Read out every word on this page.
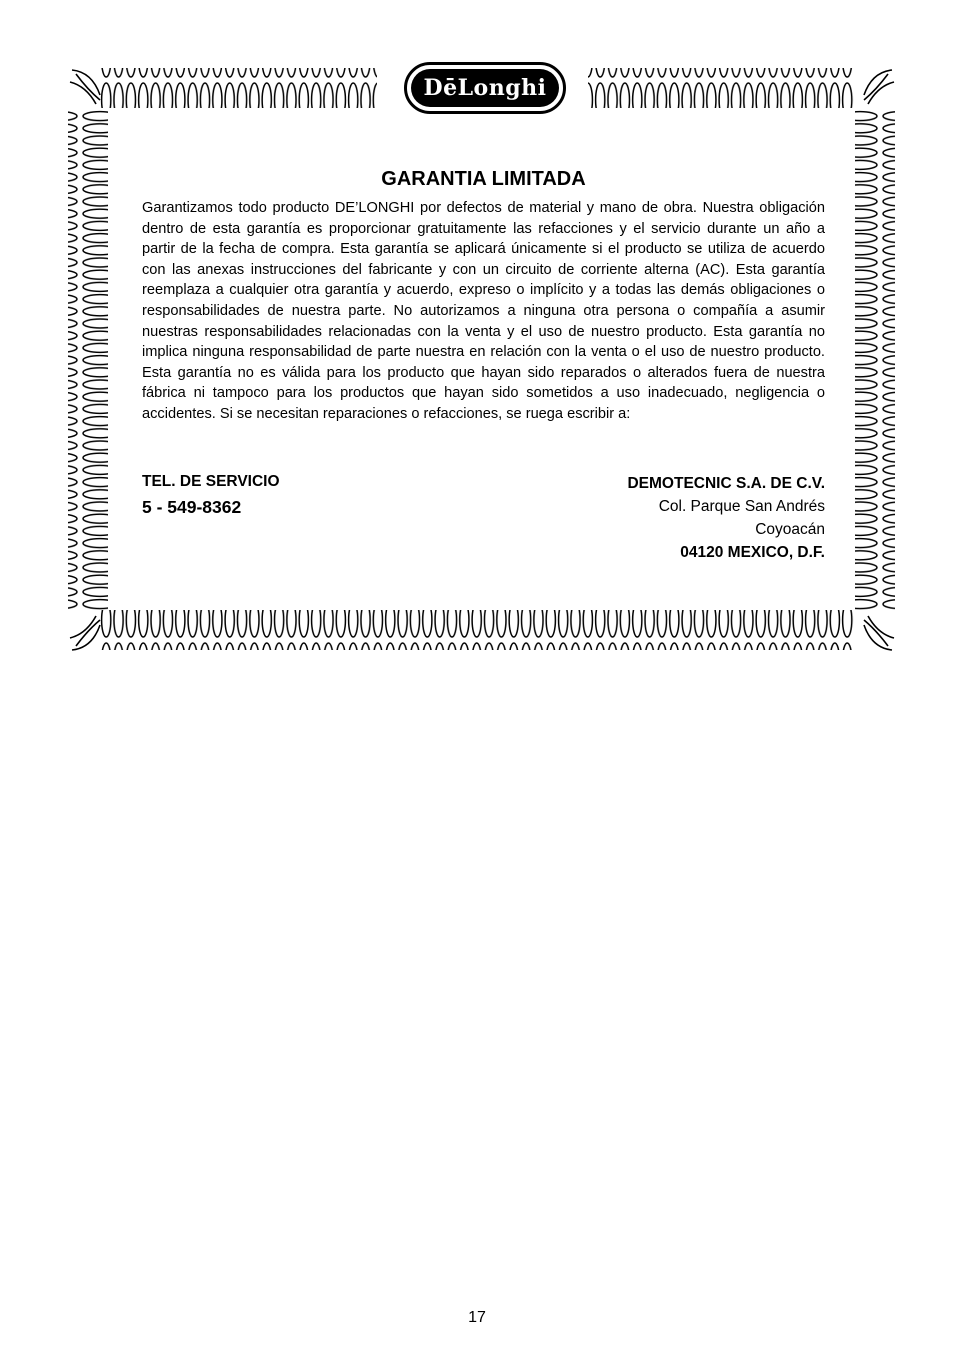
DēLonghi
GARANTIA LIMITADA

Garantizamos todo producto DE’LONGHI por defectos de material y mano de obra. Nuestra obligación dentro de esta garantía es proporcionar gratuitamente las refacciones y el servicio durante un año a partir de la fecha de compra. Esta garantía se aplicará únicamente si el producto se utiliza de acuerdo con las anexas instrucciones del fabricante y con un circuito de corriente alterna (AC). Esta garantía reemplaza a cualquier otra garantía y acuerdo, expreso o implícito y a todas las demás obligaciones o responsabilidades de nuestra parte. No autorizamos a ninguna otra persona o compañía a asumir nuestras responsabilidades relacionadas con la venta y el uso de nuestro producto. Esta garantía no implica ninguna responsabilidad de parte nuestra en relación con la venta o el uso de nuestro producto. Esta garantía no es válida para los producto que hayan sido reparados o alterados fuera de nuestra fábrica ni tampoco para los productos que hayan sido sometidos a uso inadecuado, negligencia o accidentes. Si se necesitan reparaciones o refacciones, se ruega escribir a:

TEL. DE SERVICIO
5 - 549-8362
DEMOTECNIC S.A. DE C.V.
Col. Parque San Andrés
Coyoacán
04120 MEXICO, D.F.
17
